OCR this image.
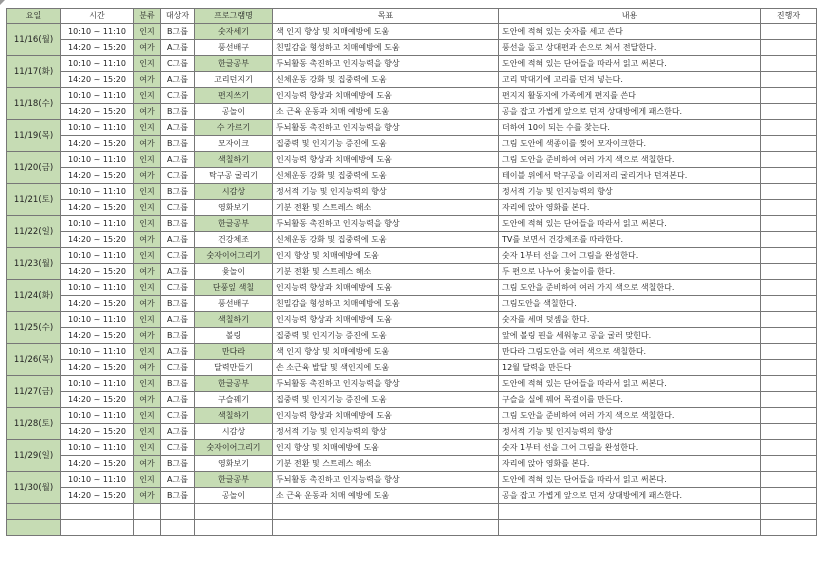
요일	시간	분류	대상자	프로그램명	목표	내용	진행자
11/16(월)	10:10 ~ 11:10	인지	B그룹	숫자세기	색 인지 향상 및 치매예방에 도움	도안에 적혀 있는 숫자를 세고 쓴다	
	14:20 ~ 15:20	여가	A그룹	풍선배구	친밀감을 형성하고 치매예방에 도움	풍선을 돌고 상대편과 손으로 쳐서 전달한다.	
11/17(화)	10:10 ~ 11:10	인지	C그룹	한글공부	두뇌활동 촉진하고 인지능력을 향상	도안에 적혀 있는 단어들을 따라서 읽고 써본다.	
	14:20 ~ 15:20	여가	A그룹	고리던지기	신체운동 강화 및 집중력에 도움	고리 막대기에 고리를 던져 넣는다.	
11/18(수)	10:10 ~ 11:10	인지	C그룹	편지쓰기	인지능력 향상과 치매예방에 도움	편지지 활동지에 가족에게 편지를 쓴다	
	14:20 ~ 15:20	여가	B그룹	공놀이	소 근육 운동과 치매 예방에 도움	공을 잡고 가볍게 앞으로 던져 상대방에게 패스한다.	
11/19(목)	10:10 ~ 11:10	인지	A그룹	수 가르기	두뇌활동 촉진하고 인지능력을 향상	더하여 10이 되는 수를 찾는다.	
	14:20 ~ 15:20	여가	B그룹	모자이크	집중력 및 인지기능 증진에 도움	그림 도안에 색종이를 찢어 모자이크한다.	
11/20(금)	10:10 ~ 11:10	인지	A그룹	색칠하기	인지능력 향상과 치매예방에 도움	그림 도안을 준비하여 여러 가지 색으로 색칠한다.	
	14:20 ~ 15:20	여가	C그룹	탁구공 굴리기	신체운동 강화 및 집중력에 도움	테이블 위에서 탁구공을 이리저리 굴리거나 던져본다.	
11/21(토)	10:10 ~ 11:10	인지	B그룹	시감상	정서적 기능 및 인지능력의 향상	정서적 기능 및 인지능력의 향상	
	14:20 ~ 15:20	인지	C그룹	영화보기	기분 전환 및 스트레스 해소	자리에 앉아 영화를 본다.	
11/22(일)	10:10 ~ 11:10	인지	B그룹	한글공부	두뇌활동 촉진하고 인지능력을 향상	도안에 적혀 있는 단어들을 따라서 읽고 써본다.	
	14:20 ~ 15:20	여가	A그룹	건강체조	신체운동 강화 및 집중력에 도움	TV를 보면서 건강체조를 따라한다.	
11/23(월)	10:10 ~ 11:10	인지	C그룹	숫자이어그리기	인지 향상 및 치매예방에 도움	숫자 1부터 선을 그어 그림을 완성한다.	
	14:20 ~ 15:20	여가	A그룹	윷놀이	기분 전환 및 스트레스 해소	두 편으로 나누어 윷놀이를 한다.	
11/24(화)	10:10 ~ 11:10	인지	C그룹	단풍잎 색칠	인지능력 향상과 치매예방에 도움	그림 도안을 준비하여 여러 가지 색으로 색칠한다.	
	14:20 ~ 15:20	여가	B그룹	풍선배구	친밀감을 형성하고 치매예방에 도움	그림도안을 색칠한다.	
11/25(수)	10:10 ~ 11:10	인지	A그룹	색칠하기	인지능력 향상과 치매예방에 도움	숫자를 세며 덧셈을 한다.	
	14:20 ~ 15:20	여가	B그룹	볼링	집중력 및 인지기능 증진에 도움	앞에 볼링 핀을 세워놓고 공을 굴러 맞힌다.	
11/26(목)	10:10 ~ 11:10	인지	A그룹	만다라	색 인지 향상 및 치매예방에 도움	만다라 그림도안을 여러 색으로 색칠한다.	
	14:20 ~ 15:20	여가	C그룹	달력만들기	손 소근육 발달 및 색인지에 도움	12월 달력을 만든다	
11/27(금)	10:10 ~ 11:10	인지	B그룹	한글공부	두뇌활동 촉진하고 인지능력을 향상	도안에 적혀 있는 단어들을 따라서 읽고 써본다.	
	14:20 ~ 15:20	여가	A그룹	구슬꿰기	집중력 및 인지기능 증진에 도움	구슬을 실에 꿰어 목걸이를 만든다.	
11/28(토)	10:10 ~ 11:10	인지	C그룹	색칠하기	인지능력 향상과 치매예방에 도움	그림 도안을 준비하여 여러 가지 색으로 색칠한다.	
	14:20 ~ 15:20	인지	A그룹	시감상	정서적 기능 및 인지능력의 향상	정서적 기능 및 인지능력의 향상	
11/29(일)	10:10 ~ 11:10	인지	C그룹	숫자이어그리기	인지 향상 및 치매예방에 도움	숫자 1부터 선을 그어 그림을 완성한다.	
	14:20 ~ 15:20	여가	B그룹	영화보기	기분 전환 및 스트레스 해소	자리에 앉아 영화를 본다.	
11/30(월)	10:10 ~ 11:10	인지	A그룹	한글공부	두뇌활동 촉진하고 인지능력을 향상	도안에 적혀 있는 단어들을 따라서 읽고 써본다.	
	14:20 ~ 15:20	여가	B그룹	공놀이	소 근육 운동과 치매 예방에 도움	공을 잡고 가볍게 앞으로 던져 상대방에게 패스한다.	
